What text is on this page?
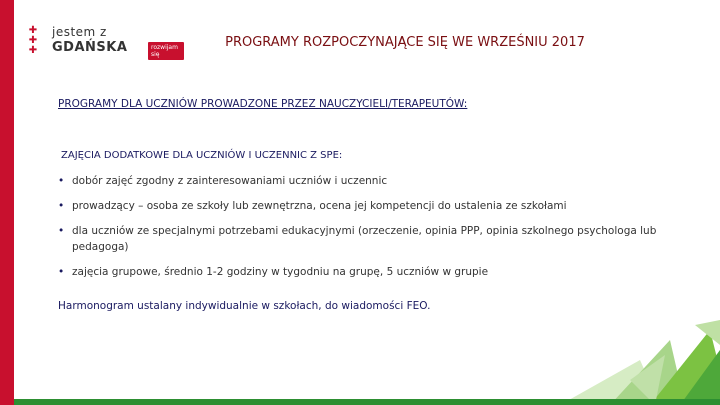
✚
✚
✚
jestem z
GDAŃSKA	rozwijam się
PROGRAMY ROZPOCZYNAJĄCE SIĘ WE WRZEŚNIU 2017

PROGRAMY DLA UCZNIÓW PROWADZONE PRZEZ NAUCZYCIELI/TERAPEUTÓW:

ZAJĘCIA DODATKOWE DLA UCZNIÓW I UCZENNIC Z SPE:

• dobór zajęć zgodny z zainteresowaniami uczniów i uczennic
• prowadzący – osoba ze szkoły lub zewnętrzna, ocena jej kompetencji do ustalenia ze szkołami
• dla uczniów ze specjalnymi potrzebami edukacyjnymi (orzeczenie, opinia PPP, opinia szkolnego psychologa lub pedagoga)
• zajęcia grupowe, średnio 1-2 godziny w tygodniu na grupę, 5 uczniów w grupie

Harmonogram ustalany indywidualnie w szkołach, do wiadomości FEO.
